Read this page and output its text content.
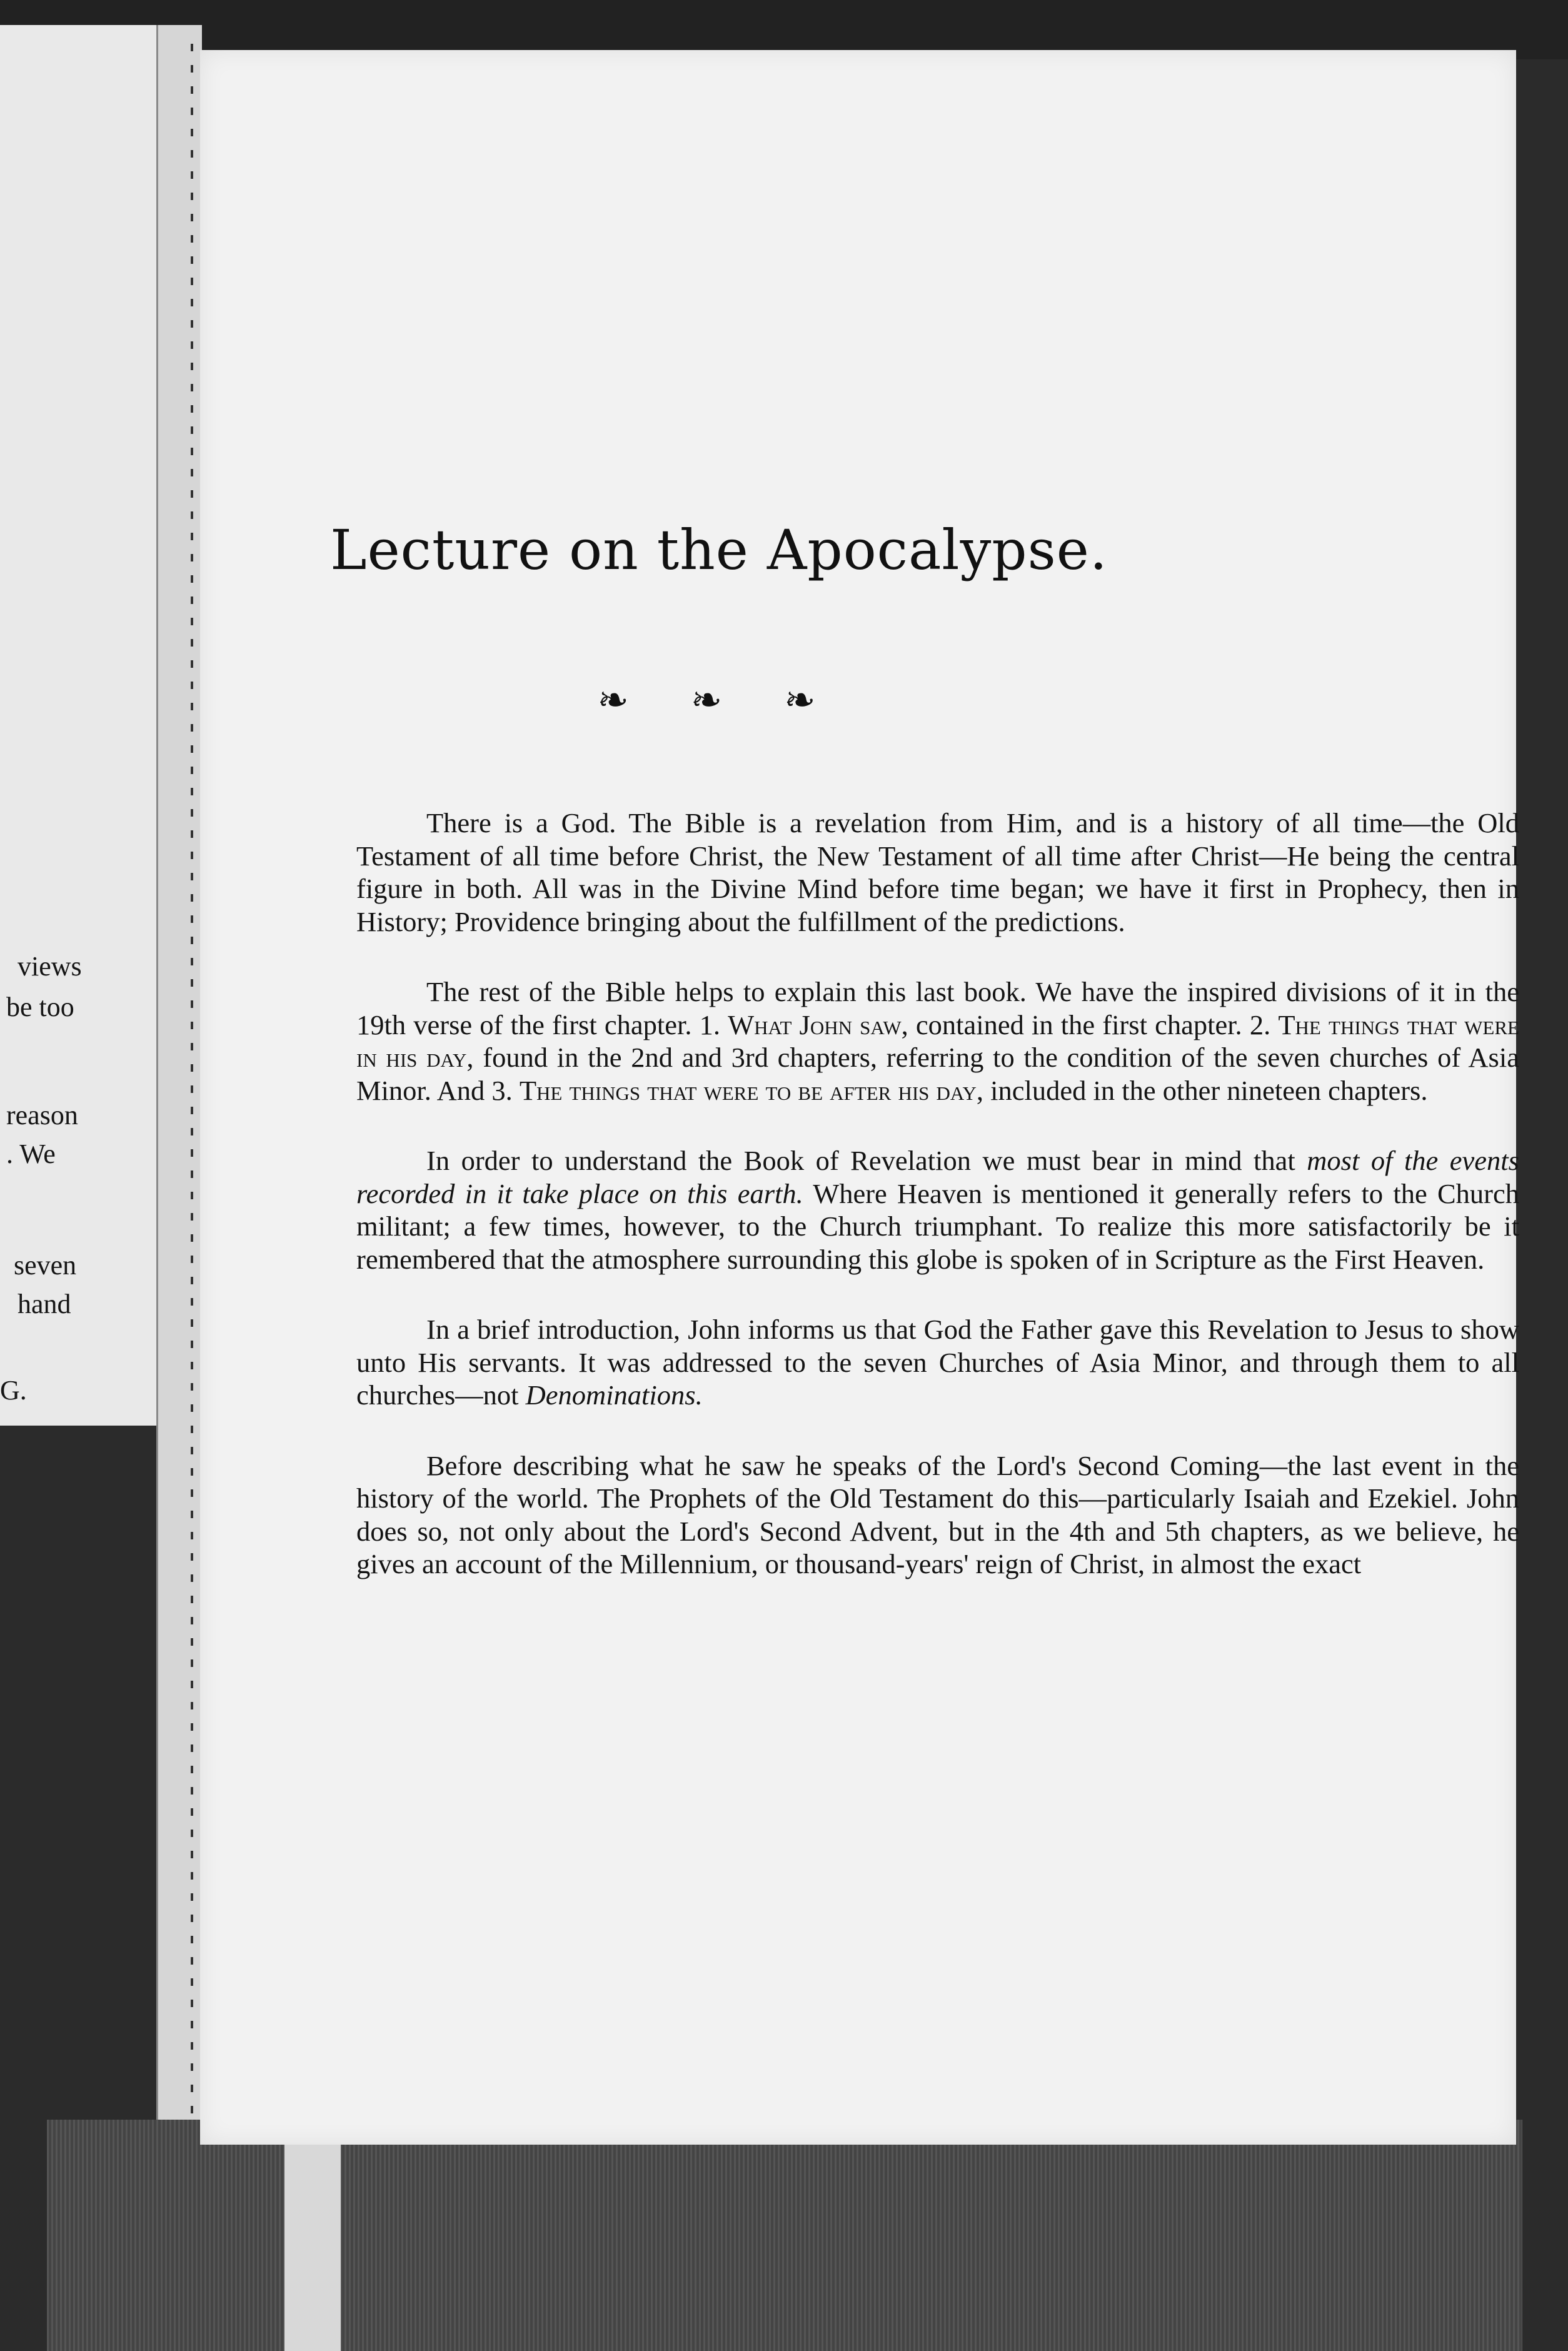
views
be too
reason
. We
seven
hand
G.
Lecture on the Apocalypse.
❧ ❧ ❧

There is a God. The Bible is a revelation from Him, and is a history of all time—the Old Testament of all time before Christ, the New Testament of all time after Christ—He being the central figure in both. All was in the Divine Mind before time began; we have it first in Prophecy, then in History; Providence bringing about the fulfillment of the predictions.

The rest of the Bible helps to explain this last book. We have the inspired divisions of it in the 19th verse of the first chapter. 1. What John saw, contained in the first chapter. 2. The things that were in his day, found in the 2nd and 3rd chapters, referring to the condition of the seven churches of Asia Minor. And 3. The things that were to be after his day, included in the other nineteen chapters.

In order to understand the Book of Revelation we must bear in mind that most of the events recorded in it take place on this earth. Where Heaven is mentioned it generally refers to the Church militant; a few times, however, to the Church triumphant. To realize this more satisfactorily be it remembered that the atmosphere surrounding this globe is spoken of in Scripture as the First Heaven.

In a brief introduction, John informs us that God the Father gave this Revelation to Jesus to show unto His servants. It was addressed to the seven Churches of Asia Minor, and through them to all churches—not Denominations.

Before describing what he saw he speaks of the Lord's Second Coming—the last event in the history of the world. The Prophets of the Old Testament do this—particularly Isaiah and Ezekiel. John does so, not only about the Lord's Second Advent, but in the 4th and 5th chapters, as we believe, he gives an account of the Millennium, or thousand-years' reign of Christ, in almost the exact
